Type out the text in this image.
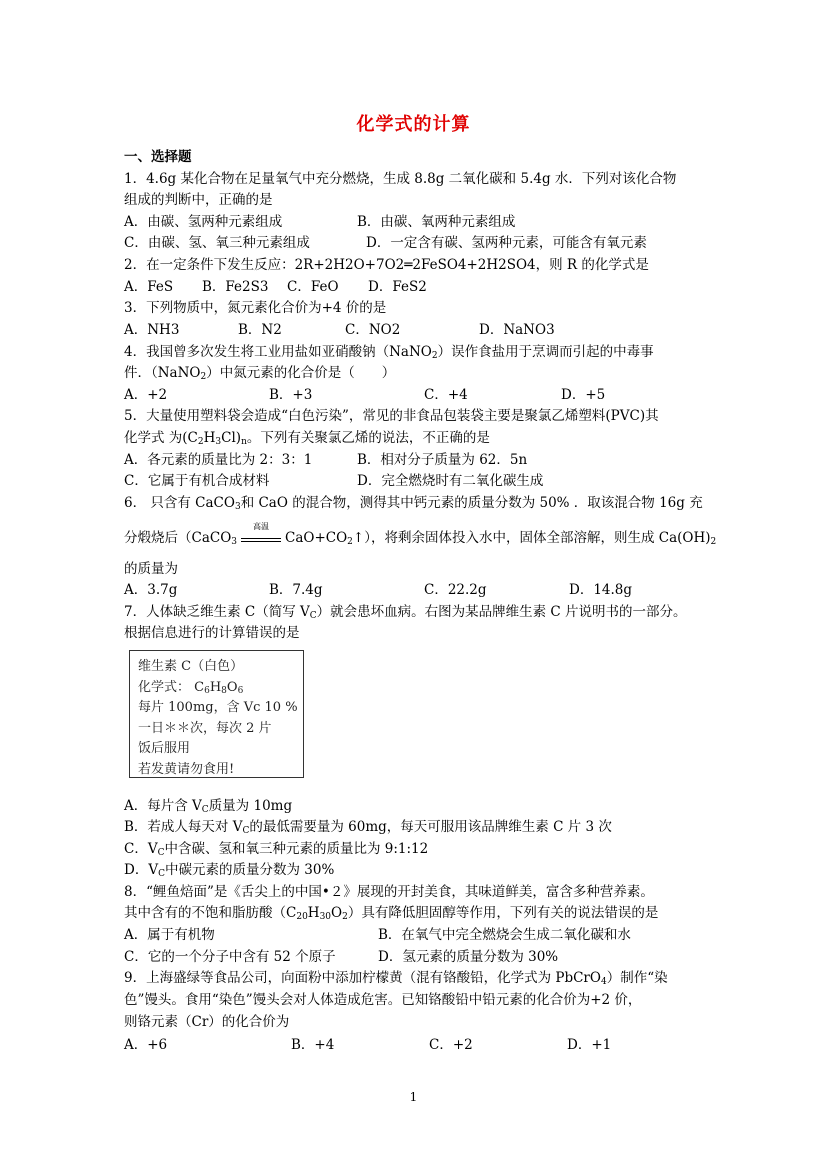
化学式的计算
一、选择题
1．4.6g 某化合物在足量氧气中充分燃烧，生成 8.8g 二氧化碳和 5.4g 水．下列对该化合物
组成的判断中，正确的是
A．由碳、氢两种元素组成	B．由碳、氧两种元素组成
C．由碳、氢、氧三种元素组成	D．一定含有碳、氢两种元素，可能含有氧元素
2．在一定条件下发生反应：2R+2H2O+7O2═2FeSO4+2H2SO4，则 R 的化学式是
A．FeS B．Fe2S3 C．FeO D．FeS2
3．下列物质中，氮元素化合价为+4 价的是
A．NH3	B．N2	C．NO2	D．NaNO3
4．我国曾多次发生将工业用盐如亚硝酸钠（NaNO$_2$）误作食盐用于烹调而引起的中毒事
件．（NaNO$_2$）中氮元素的化合价是（　　）
A．+2	B．+3	C．+4	D．+5
5．大量使用塑料袋会造成“白色污染”，常见的非食品包装袋主要是聚氯乙烯塑料(PVC)其
化学式 为$(C_2H_3Cl)_n$。下列有关聚氯乙烯的说法，不正确的是
A．各元素的质量比为 2：3：1	B．相对分子质量为 62．5n
C．它属于有机合成材料	D．完全燃烧时有二氧化碳生成
6． 只含有 CaCO$_3$和 CaO 的混合物，测得其中钙元素的质量分数为 50% ．取该混合物 16g 充
分煅烧后（CaCO$_3$
高温
$CaO+CO_2↑$），将剩余固体投入水中，固体全部溶解，则生成 $Ca(OH)_2$
的质量为
A．3.7g	B．7.4g	C．22.2g	D．14.8g
7．人体缺乏维生素 C（简写 $V_C$）就会患坏血病。右图为某品牌维生素 C 片说明书的一部分。
根据信息进行的计算错误的是
维生素 C（白色）
化学式： $C_6H_8O_6$
每片 100mg，含 Vc 10 %
一日＊＊次，每次 2 片
饭后服用
若发黄请勿食用!
A．每片含 $V_C$质量为 10mg
B．若成人每天对 $V_C$的最低需要量为 60mg，每天可服用该品牌维生素 C 片 3 次
C．$V_C$中含碳、氢和氧三种元素的质量比为 9:1:12
D．$V_C$中碳元素的质量分数为 30%
8．“鲤鱼焙面”是《舌尖上的中国•２》展现的开封美食，其味道鲜美，富含多种营养素。
其中含有的不饱和脂肪酸$(C_{20}H_{30}O_2)$具有降低胆固醇等作用，下列有关的说法错误的是
A．属于有机物	B．在氧气中完全燃烧会生成二氧化碳和水
C．它的一个分子中含有 52 个原子	D．氢元素的质量分数为 30%
9．上海盛绿等食品公司，向面粉中添加柠檬黄（混有铬酸铅，化学式为 PbCrO$_4$）制作“染
色”馒头。食用“染色”馒头会对人体造成危害。已知铬酸铅中铅元素的化合价为+2 价，
则铬元素（Cr）的化合价为
A．+6	B．+4	C．+2	D．+1
1
